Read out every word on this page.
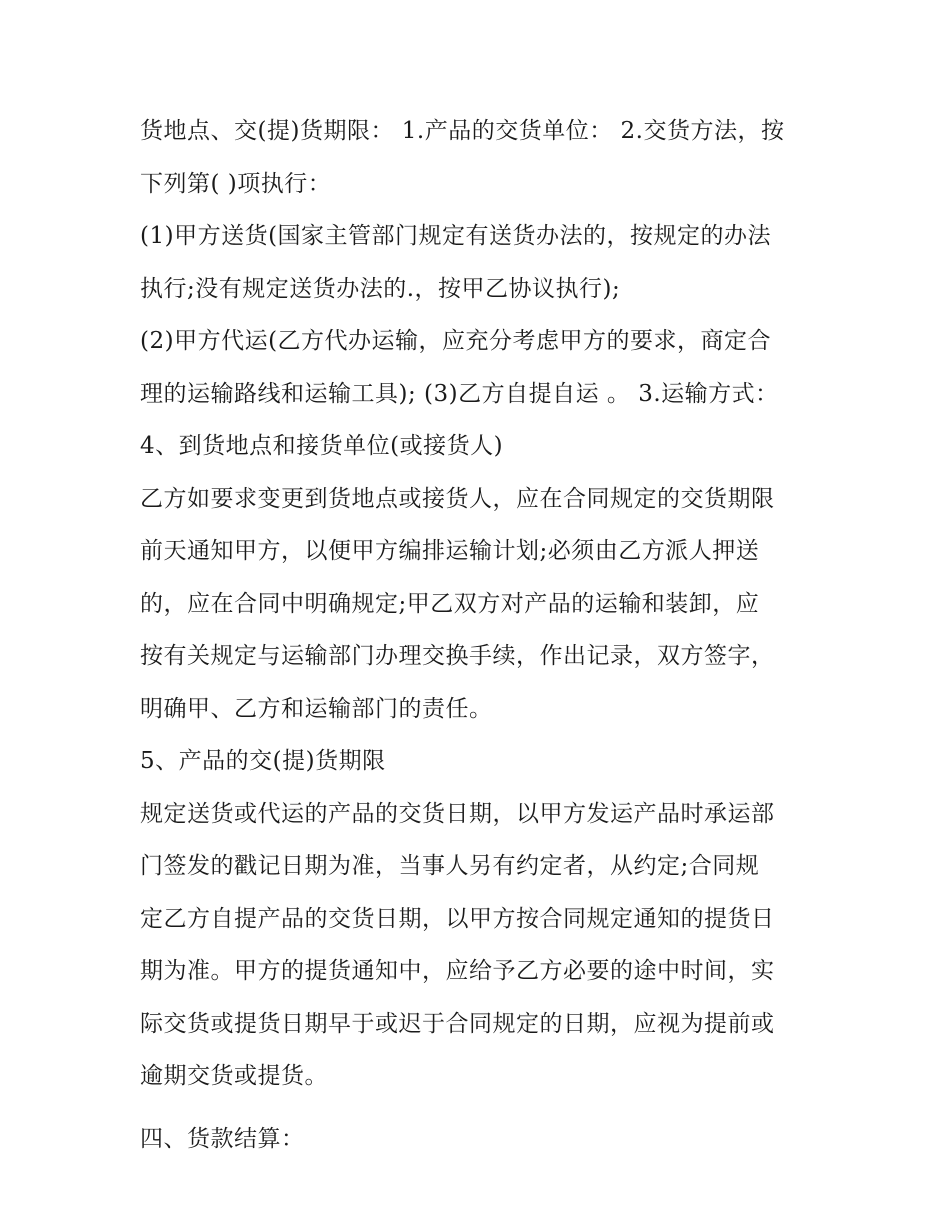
货地点、交(提)货期限： 1.产品的交货单位： 2.交货方法，按
下列第( )项执行：
(1)甲方送货(国家主管部门规定有送货办法的，按规定的办法
执行;没有规定送货办法的.，按甲乙协议执行);
(2)甲方代运(乙方代办运输，应充分考虑甲方的要求，商定合
理的运输路线和运输工具); (3)乙方自提自运 。 3.运输方式：
4、到货地点和接货单位(或接货人)
乙方如要求变更到货地点或接货人，应在合同规定的交货期限
前天通知甲方，以便甲方编排运输计划;必须由乙方派人押送
的，应在合同中明确规定;甲乙双方对产品的运输和装卸，应
按有关规定与运输部门办理交换手续，作出记录，双方签字，
明确甲、乙方和运输部门的责任。
5、产品的交(提)货期限
规定送货或代运的产品的交货日期，以甲方发运产品时承运部
门签发的戳记日期为准，当事人另有约定者，从约定;合同规
定乙方自提产品的交货日期，以甲方按合同规定通知的提货日
期为准。甲方的提货通知中，应给予乙方必要的途中时间，实
际交货或提货日期早于或迟于合同规定的日期，应视为提前或
逾期交货或提货。
四、货款结算：
